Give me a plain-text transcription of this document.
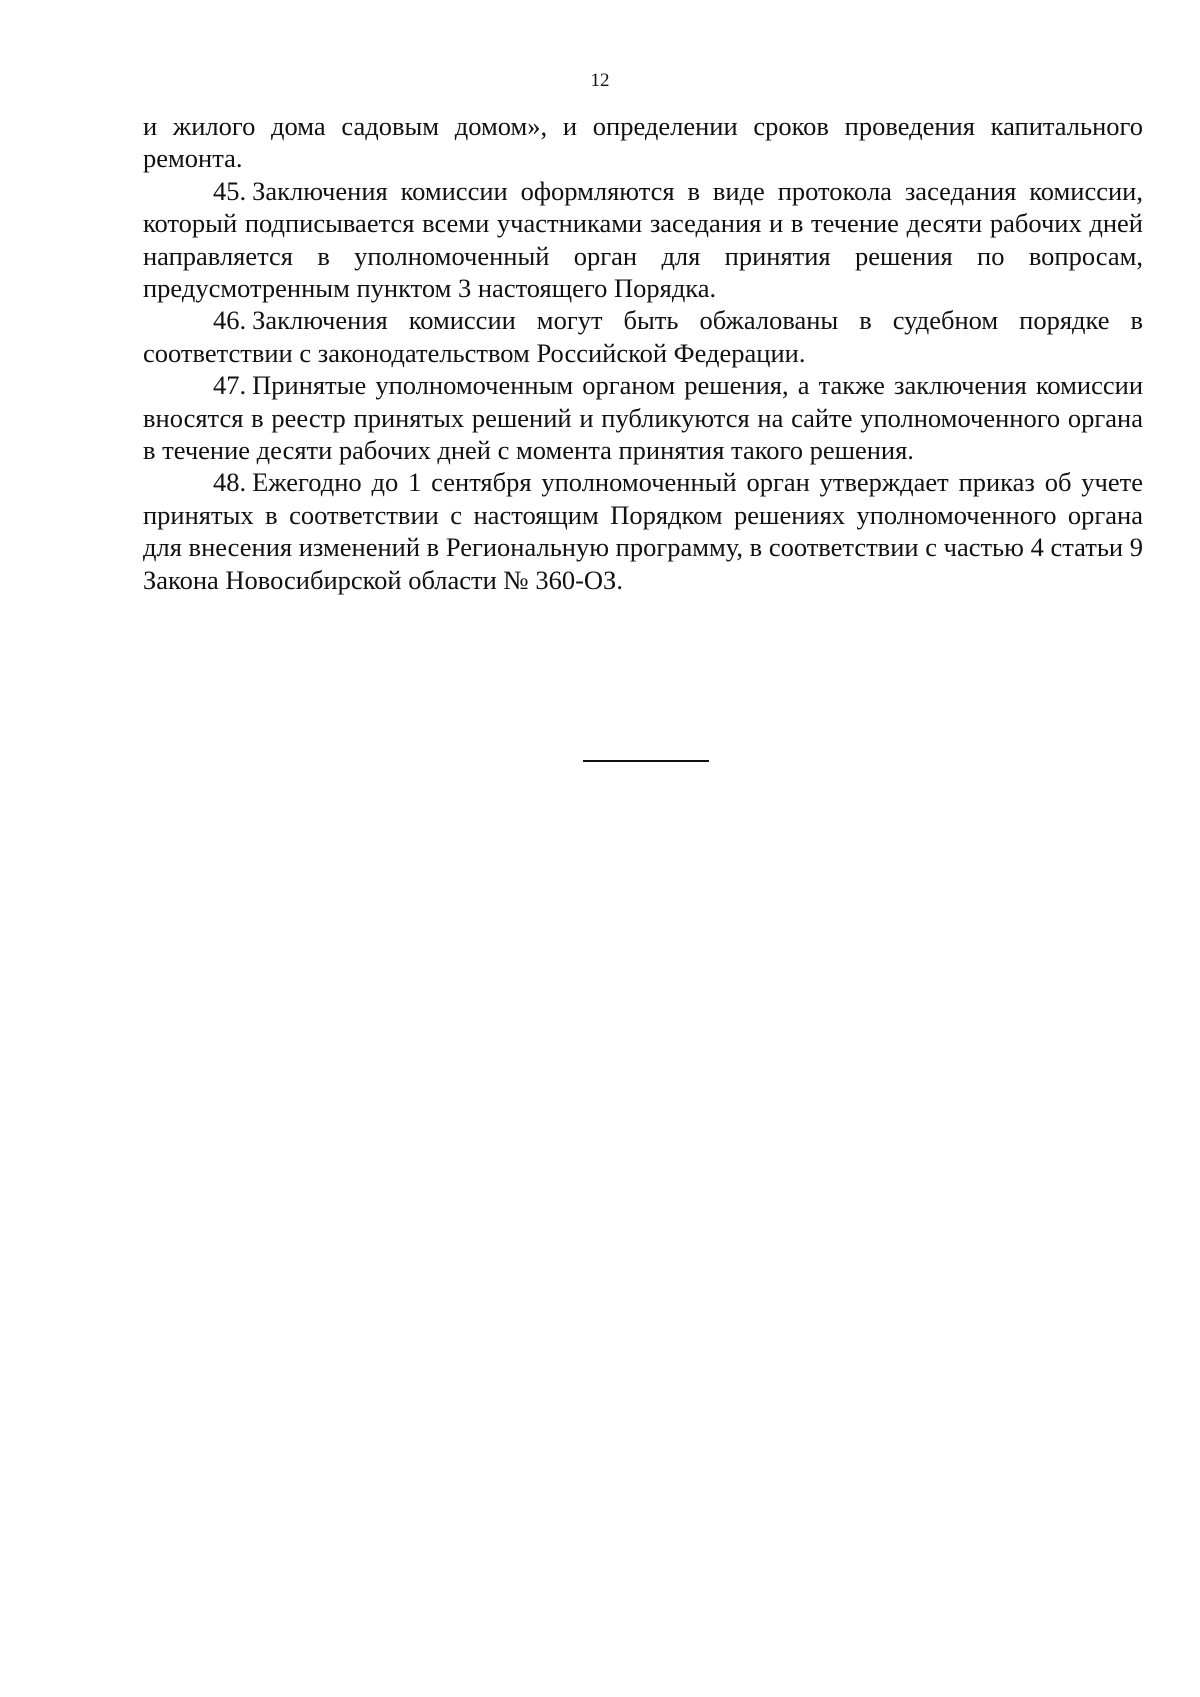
12

и жилого дома садовым домом», и определении сроков проведения капитального ремонта.

45. Заключения комиссии оформляются в виде протокола заседания комиссии, который подписывается всеми участниками заседания и в течение десяти рабочих дней направляется в уполномоченный орган для принятия решения по вопросам, предусмотренным пунктом 3 настоящего Порядка.

46. Заключения комиссии могут быть обжалованы в судебном порядке в соответствии с законодательством Российской Федерации.

47. Принятые уполномоченным органом решения, а также заключения комиссии вносятся в реестр принятых решений и публикуются на сайте уполномоченного органа в течение десяти рабочих дней с момента принятия такого решения.

48. Ежегодно до 1 сентября уполномоченный орган утверждает приказ об учете принятых в соответствии с настоящим Порядком решениях уполномоченного органа для внесения изменений в Региональную программу, в соответствии с частью 4 статьи 9 Закона Новосибирской области № 360-ОЗ.
